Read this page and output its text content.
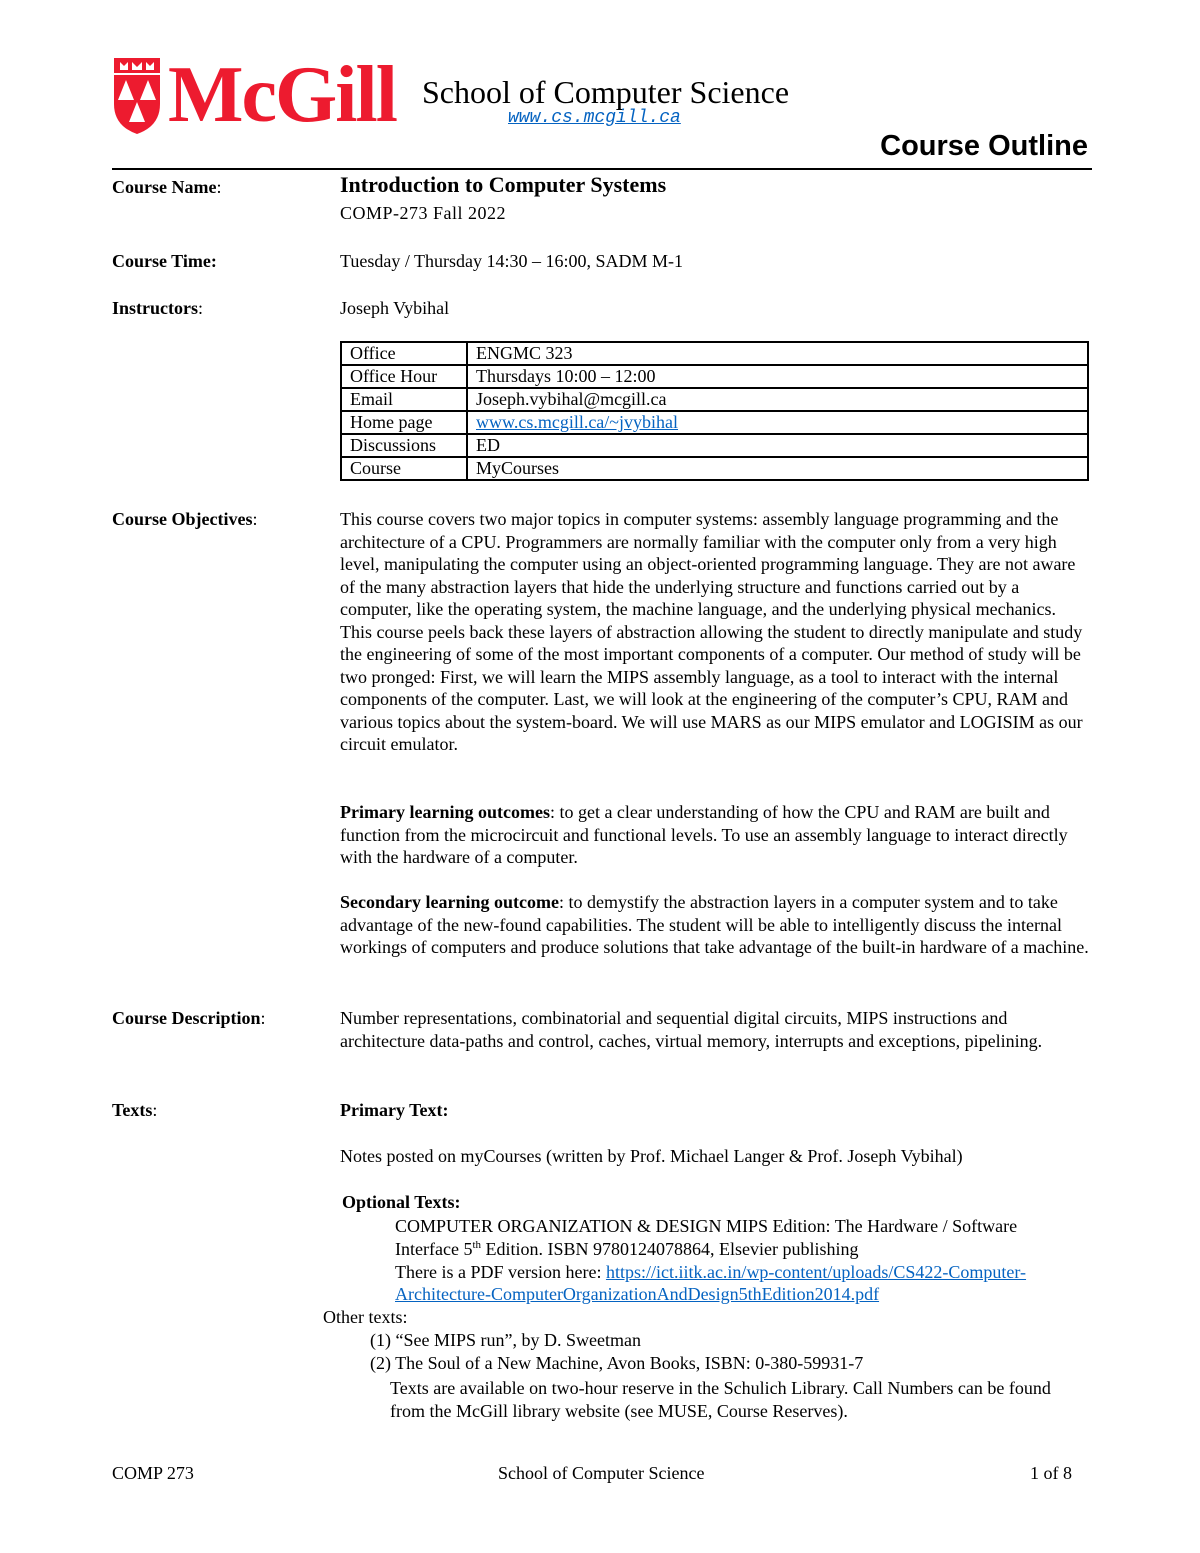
McGill School of Computer Science
www.cs.mcgill.ca
Course Outline
Course Name:	Introduction to Computer Systems
COMP-273 Fall 2022
Course Time:	Tuesday / Thursday 14:30 – 16:00, SADM M-1
Instructors:	Joseph Vybihal
Office	ENGMC 323
Office Hour	Thursdays 10:00 – 12:00
Email	Joseph.vybihal@mcgill.ca
Home page	www.cs.mcgill.ca/~jvybihal
Discussions	ED
Course	MyCourses
Course Objectives:	This course covers two major topics in computer systems: assembly language programming and the architecture of a CPU. Programmers are normally familiar with the computer only from a very high level, manipulating the computer using an object-oriented programming language. They are not aware of the many abstraction layers that hide the underlying structure and functions carried out by a computer, like the operating system, the machine language, and the underlying physical mechanics. This course peels back these layers of abstraction allowing the student to directly manipulate and study the engineering of some of the most important components of a computer. Our method of study will be two pronged: First, we will learn the MIPS assembly language, as a tool to interact with the internal components of the computer. Last, we will look at the engineering of the computer’s CPU, RAM and various topics about the system-board. We will use MARS as our MIPS emulator and LOGISIM as our circuit emulator.
Primary learning outcomes: to get a clear understanding of how the CPU and RAM are built and function from the microcircuit and functional levels. To use an assembly language to interact directly with the hardware of a computer.
Secondary learning outcome: to demystify the abstraction layers in a computer system and to take advantage of the new-found capabilities. The student will be able to intelligently discuss the internal workings of computers and produce solutions that take advantage of the built-in hardware of a machine.
Course Description:	Number representations, combinatorial and sequential digital circuits, MIPS instructions and architecture data-paths and control, caches, virtual memory, interrupts and exceptions, pipelining.
Texts:	Primary Text:
Notes posted on myCourses (written by Prof. Michael Langer & Prof. Joseph Vybihal)
Optional Texts:
COMPUTER ORGANIZATION & DESIGN MIPS Edition: The Hardware / Software
Interface 5th Edition. ISBN 9780124078864, Elsevier publishing
There is a PDF version here: https://ict.iitk.ac.in/wp-content/uploads/CS422-Computer-
Architecture-ComputerOrganizationAndDesign5thEdition2014.pdf
Other texts:
(1) “See MIPS run”, by D. Sweetman
(2) The Soul of a New Machine, Avon Books, ISBN: 0-380-59931-7
Texts are available on two-hour reserve in the Schulich Library. Call Numbers can be found from the McGill library website (see MUSE, Course Reserves).
COMP 273	School of Computer Science	1 of 8
